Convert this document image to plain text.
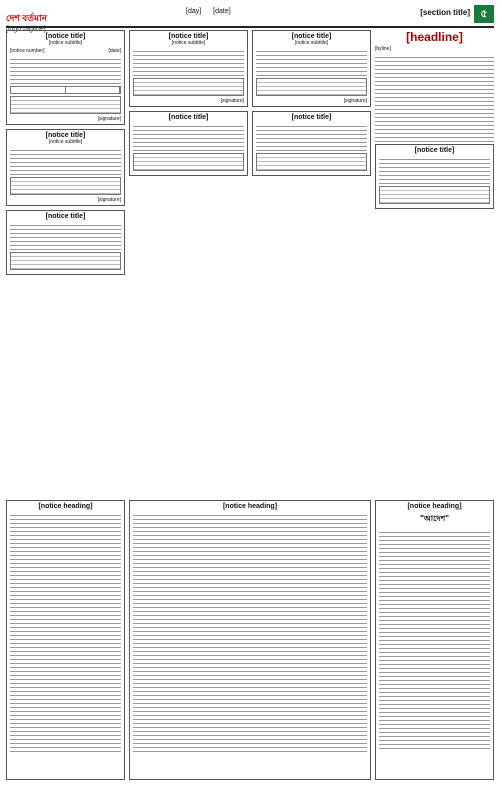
দেশ বর্তমান
[logo tagline]
[day] [date]	[section title] ৫
[notice title]
[notice subtitle]
[notice number]	[date]
[signature]
[notice title]
[notice subtitle]
[signature]
[notice title]
[notice title]
[notice subtitle]
[signature]
[notice title]
[notice title]
[notice subtitle]
[signature]
[notice title]
[headline]
[byline]
[notice title]
[notice heading]	[notice heading]	[notice heading]
"আদেশ"
